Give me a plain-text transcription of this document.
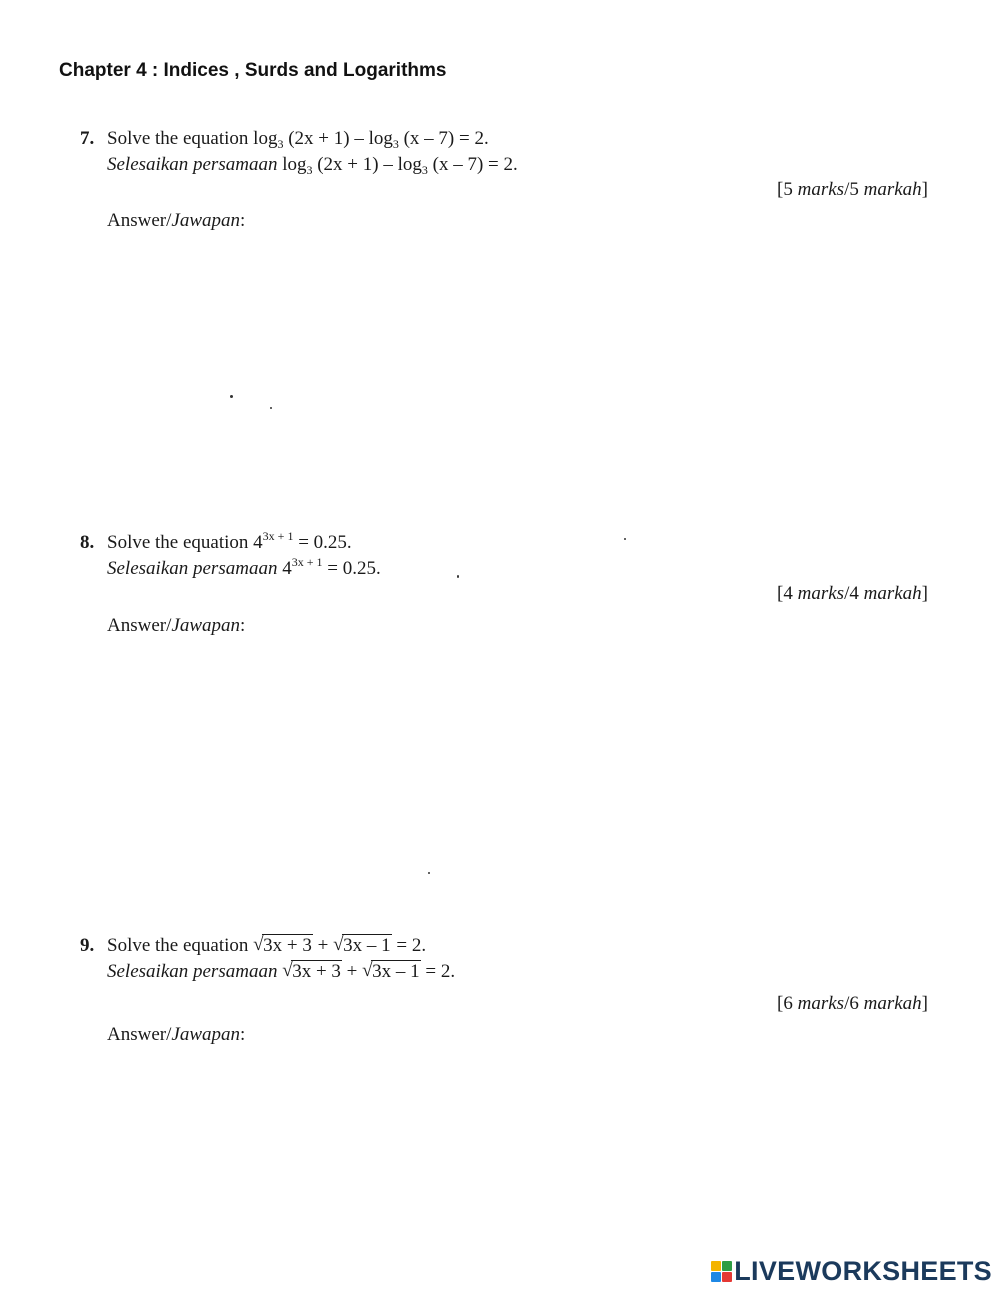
Chapter 4 : Indices , Surds and Logarithms
7. Solve the equation $\log_3 (2x + 1) - \log_3 (x - 7) = 2$.
Selesaikan persamaan $\log_3 (2x + 1) - \log_3 (x - 7) = 2$.
[5 marks/5 markah]
Answer/Jawapan:
8. Solve the equation $4^{3x + 1} = 0.25$.
Selesaikan persamaan $4^{3x + 1} = 0.25$.
[4 marks/4 markah]
Answer/Jawapan:
9. Solve the equation √ 3x + 3 + √ 3x – 1 = 2.
Selesaikan persamaan √ 3x + 3 + √ 3x – 1 = 2.
[6 marks/6 markah]
Answer/Jawapan:
LIVEWORKSHEETS
